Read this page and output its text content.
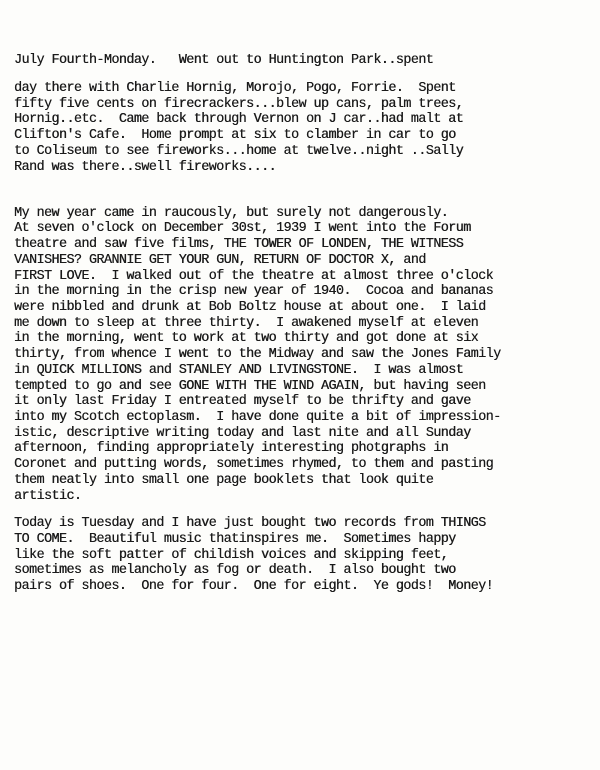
July Fourth-Monday.   Went out to Huntington Park..spent

day there with Charlie Hornig, Morojo, Pogo, Forrie.  Spent

fifty five cents on firecrackers...blew up cans, palm trees,

Hornig..etc.  Came back through Vernon on J car..had malt at

Clifton's Cafe.  Home prompt at six to clamber in car to go

to Coliseum to see fireworks...home at twelve..night ..Sally

Rand was there..swell fireworks....

My new year came in raucously, but surely not dangerously.

At seven o'clock on December 30st, 1939 I went into the Forum

theatre and saw five films, THE TOWER OF LONDEN, THE WITNESS

VANISHES? GRANNIE GET YOUR GUN, RETURN OF DOCTOR X, and

FIRST LOVE.  I walked out of the theatre at almost three o'clock

in the morning in the crisp new year of 1940.  Cocoa and bananas

were nibbled and drunk at Bob Boltz house at about one.  I laid

me down to sleep at three thirty.  I awakened myself at eleven

in the morning, went to work at two thirty and got done at six

thirty, from whence I went to the Midway and saw the Jones Family

in QUICK MILLIONS and STANLEY AND LIVINGSTONE.  I was almost

tempted to go and see GONE WITH THE WIND AGAIN, but having seen

it only last Friday I entreated myself to be thrifty and gave

into my Scotch ectoplasm.  I have done quite a bit of impression-

istic, descriptive writing today and last nite and all Sunday

afternoon, finding appropriately interesting photgraphs in

Coronet and putting words, sometimes rhymed, to them and pasting

them neatly into small one page booklets that look quite

artistic.

Today is Tuesday and I have just bought two records from THINGS

TO COME.  Beautiful music thatinspires me.  Sometimes happy

like the soft patter of childish voices and skipping feet,

sometimes as melancholy as fog or death.  I also bought two

pairs of shoes.  One for four.  One for eight.  Ye gods!  Money!
